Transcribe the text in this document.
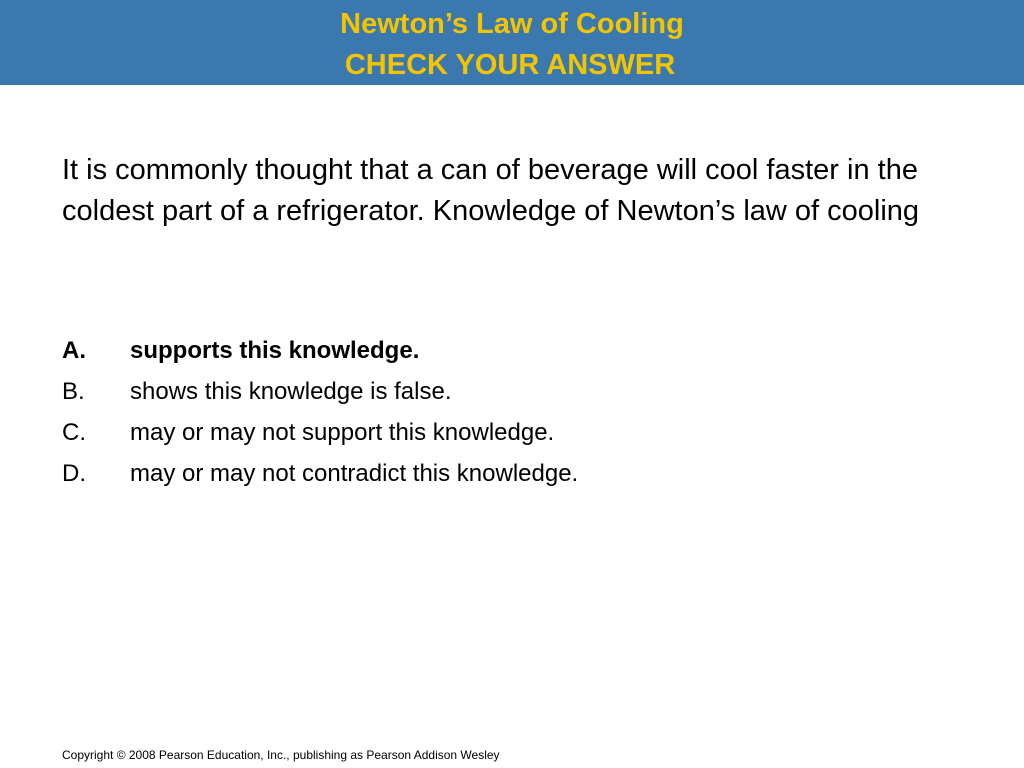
Newton’s Law of Cooling
CHECK YOUR ANSWER

It is commonly thought that a can of beverage will cool faster in the coldest part of a refrigerator. Knowledge of Newton’s law of cooling

A.	supports this knowledge.
B.	shows this knowledge is false.
C.	may or may not support this knowledge.
D.	may or may not contradict this knowledge.
Copyright © 2008 Pearson Education, Inc., publishing as Pearson Addison Wesley
